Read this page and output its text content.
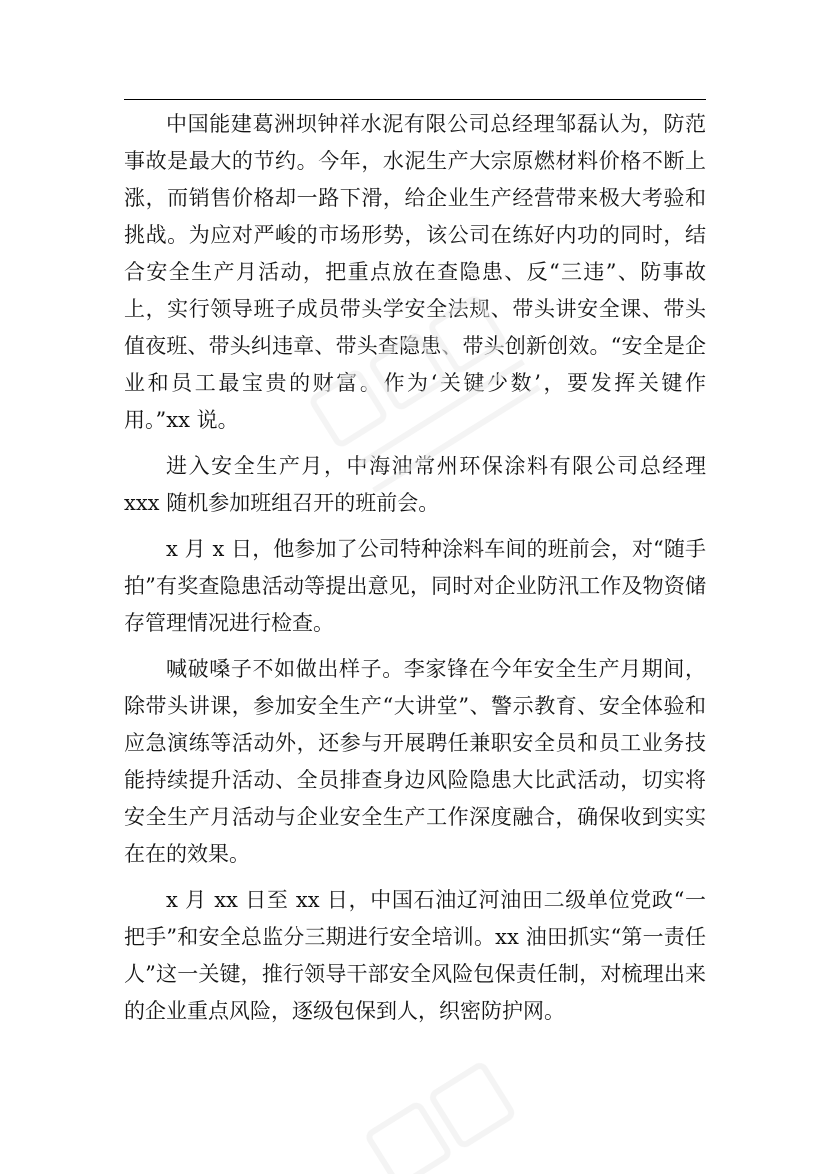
中国能建葛洲坝钟祥水泥有限公司总经理邹磊认为，防范事故是最大的节约。今年，水泥生产大宗原燃材料价格不断上涨，而销售价格却一路下滑，给企业生产经营带来极大考验和挑战。为应对严峻的市场形势，该公司在练好内功的同时，结合安全生产月活动，把重点放在查隐患、反“三违”、防事故上，实行领导班子成员带头学安全法规、带头讲安全课、带头值夜班、带头纠违章、带头查隐患、带头创新创效。“安全是企业和员工最宝贵的财富。作为‘关键少数’，要发挥关键作用。”xx 说。

进入安全生产月，中海油常州环保涂料有限公司总经理 xxx 随机参加班组召开的班前会。

x 月 x 日，他参加了公司特种涂料车间的班前会，对“随手拍”有奖查隐患活动等提出意见，同时对企业防汛工作及物资储存管理情况进行检查。

喊破嗓子不如做出样子。李家锋在今年安全生产月期间，除带头讲课，参加安全生产“大讲堂”、警示教育、安全体验和应急演练等活动外，还参与开展聘任兼职安全员和员工业务技能持续提升活动、全员排查身边风险隐患大比武活动，切实将安全生产月活动与企业安全生产工作深度融合，确保收到实实在在的效果。

x 月 xx 日至 xx 日，中国石油辽河油田二级单位党政“一把手”和安全总监分三期进行安全培训。xx 油田抓实“第一责任人”这一关键，推行领导干部安全风险包保责任制，对梳理出来的企业重点风险，逐级包保到人，织密防护网。
